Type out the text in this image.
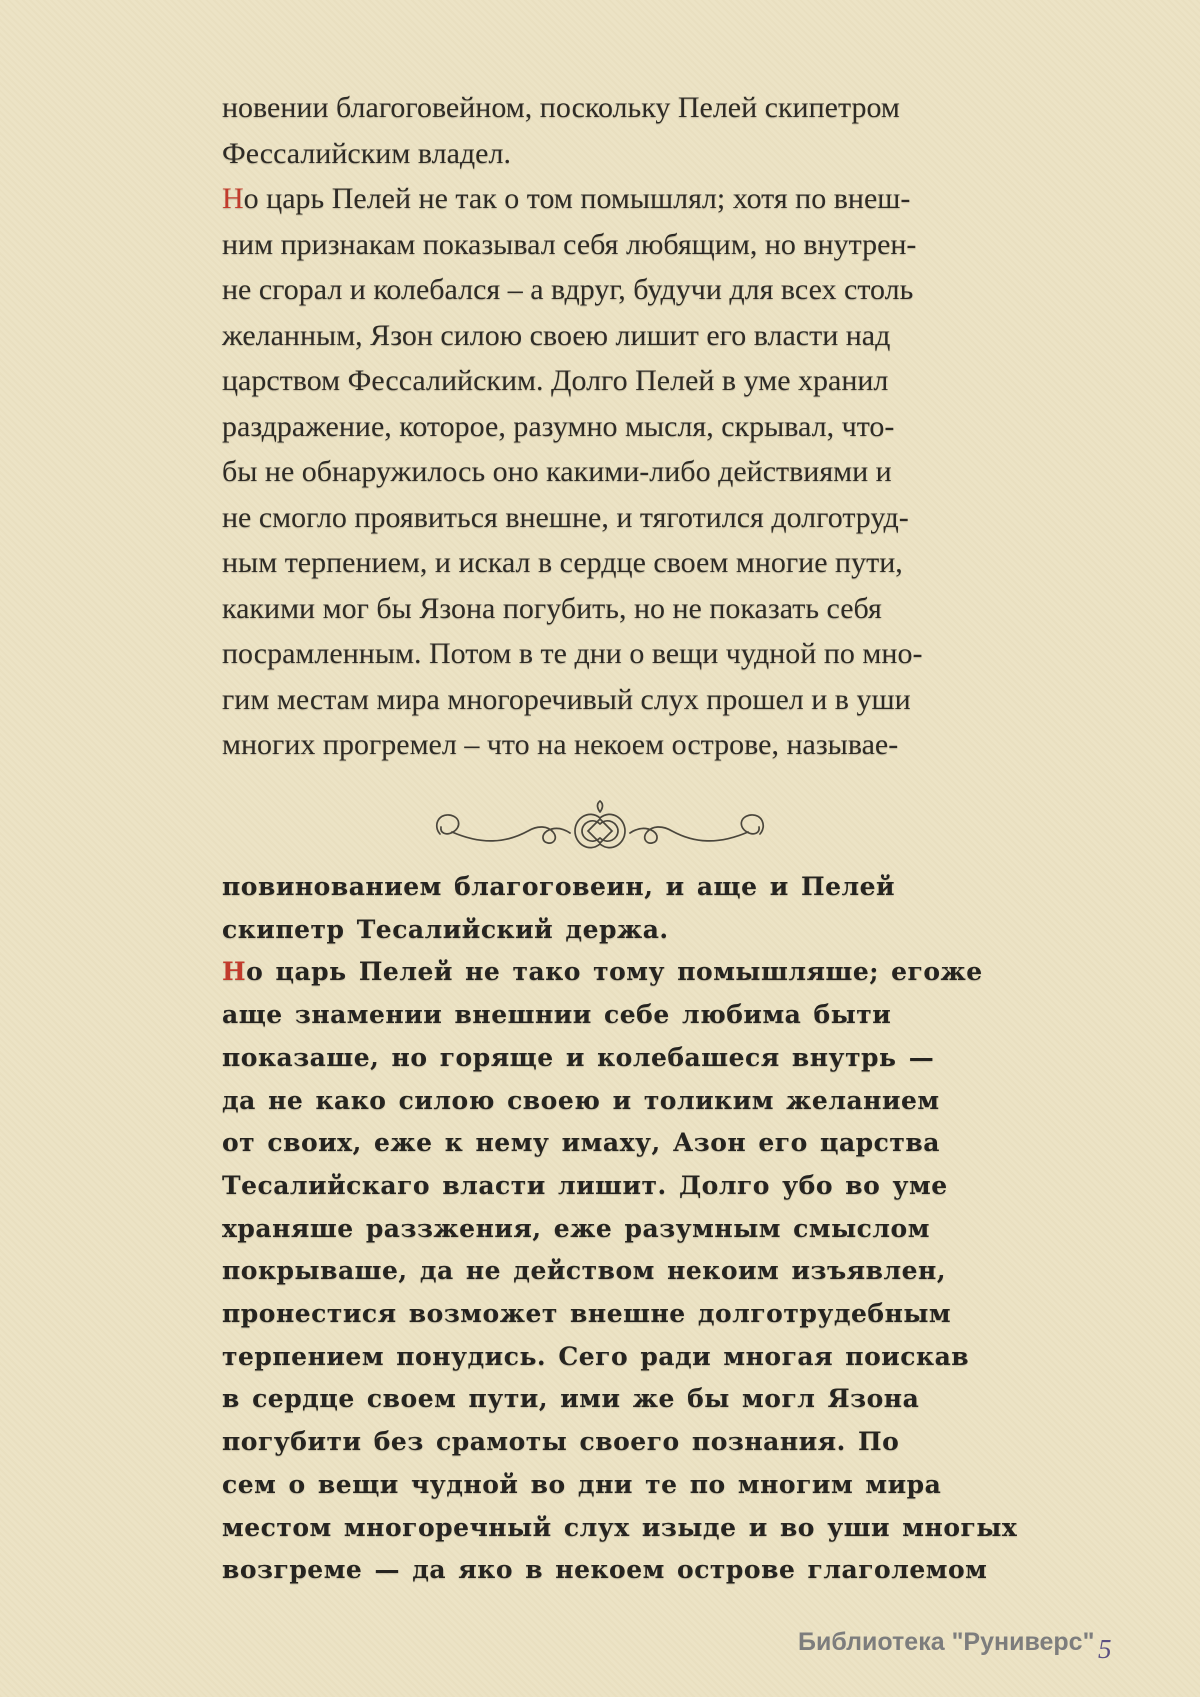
новении благоговейном, поскольку Пелей скипетром
Фессалийским владел.
Но царь Пелей не так о том помышлял; хотя по внеш-
ним признакам показывал себя любящим, но внутрен-
не сгорал и колебался – а вдруг, будучи для всех столь
желанным, Язон силою своею лишит его власти над
царством Фессалийским. Долго Пелей в уме хранил
раздражение, которое, разумно мысля, скрывал, что-
бы не обнаружилось оно какими-либо действиями и
не смогло проявиться внешне, и тяготился долготруд-
ным терпением, и искал в сердце своем многие пути,
какими мог бы Язона погубить, но не показать себя
посрамленным. Потом в те дни о вещи чудной по мно-
гим местам мира многоречивый слух прошел и в уши
многих прогремел – что на некоем острове, называе-
повинованием благоговеин, и аще и Пелей
скипетр Тесалийский держа.
Но царь Пелей не тако тому помышляше; егоже
аще знамении внешнии себе любима быти
показаше, но горяще и колебашеся внутрь —
да не како силою своею и толиким желанием
от своих, еже к нему имаху, Азон его царства
Тесалийскаго власти лишит. Долго убо во уме
храняше раззжения, еже разумным смыслом
покрываше, да не действом некоим изъявлен,
пронестися возможет внешне долготрудебным
терпением понудись. Сего ради многая поискав
в сердце своем пути, ими же бы могл Язона
погубити без срамоты своего познания. По
сем о вещи чудной во дни те по многим мира
местом многоречный слух изыде и во уши многых
возгреме — да яко в некоем острове глаголемом
Библиотека "Руниверс" 5
